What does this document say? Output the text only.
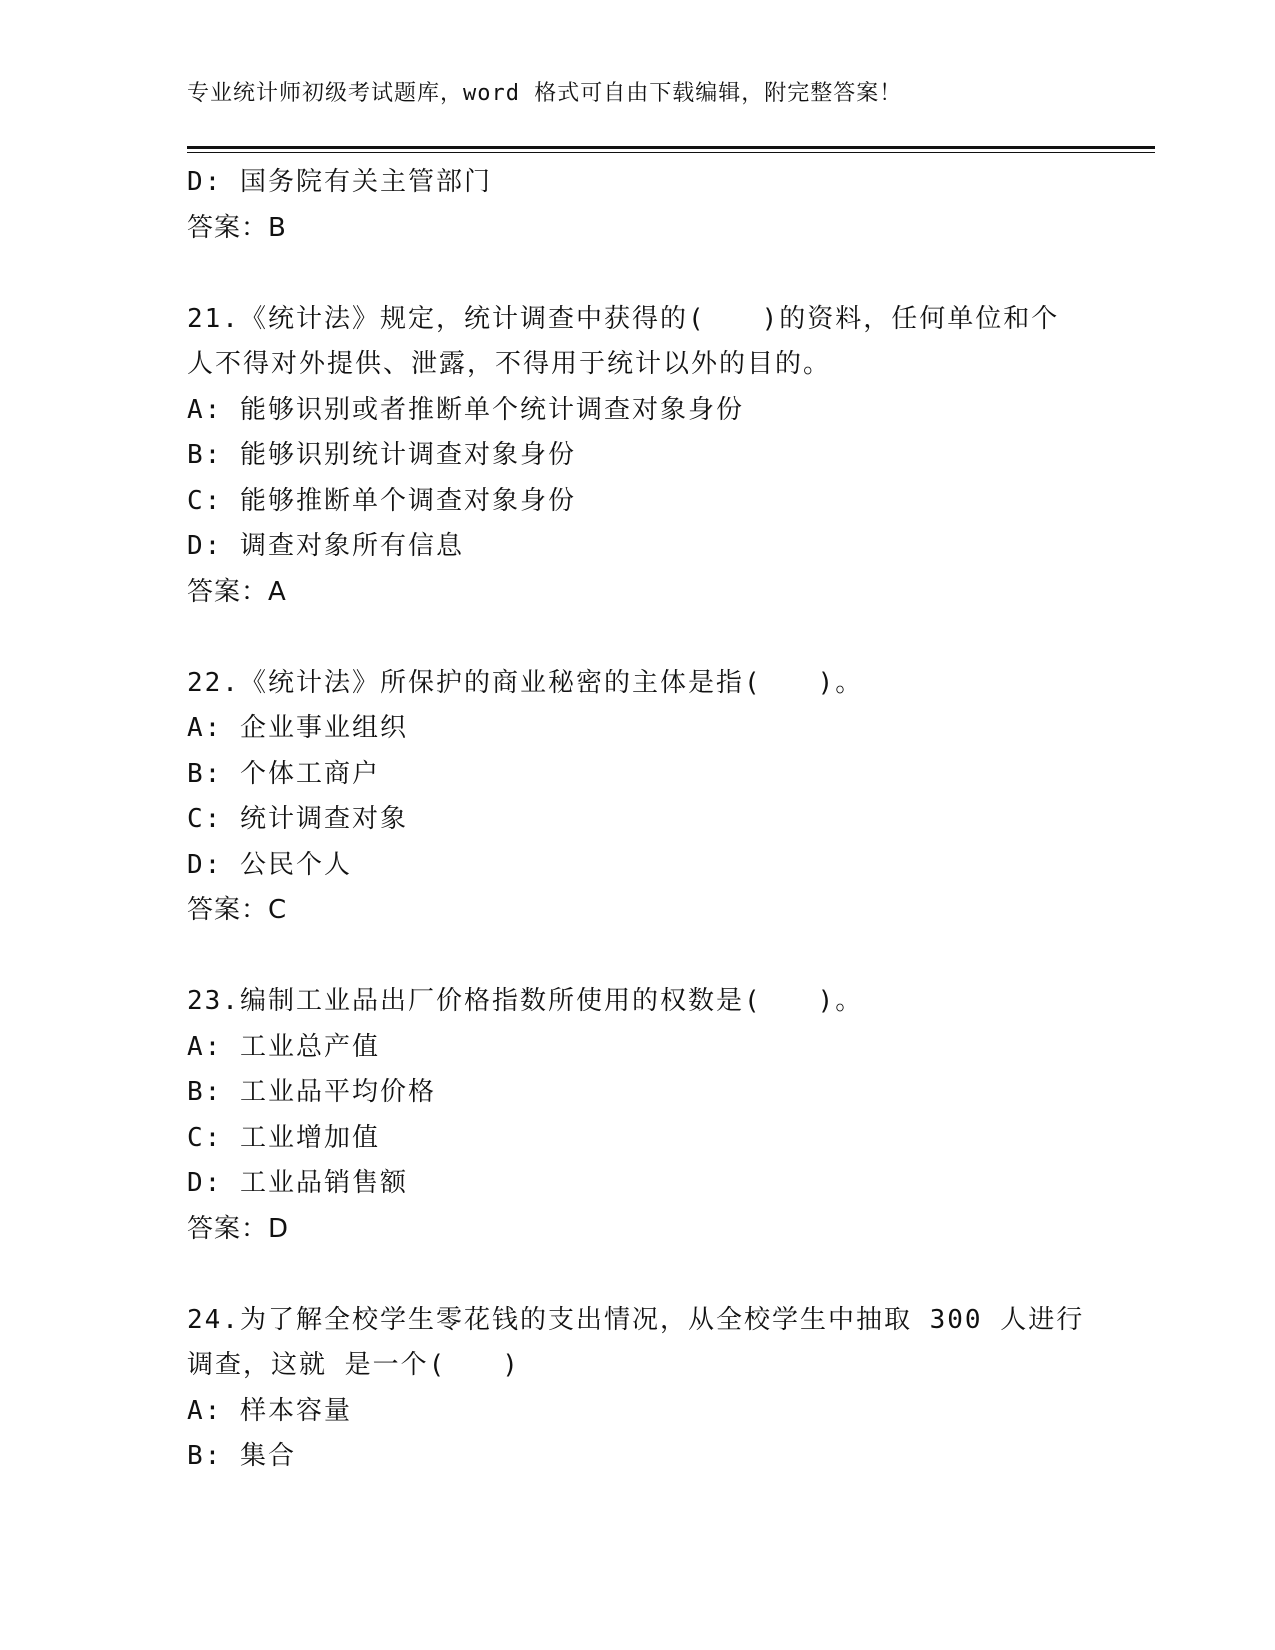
专业统计师初级考试题库，word 格式可自由下载编辑，附完整答案！
D: 国务院有关主管部门
答案：B
21.《统计法》规定，统计调查中获得的(　　)的资料，任何单位和个
人不得对外提供、泄露，不得用于统计以外的目的。
A: 能够识别或者推断单个统计调查对象身份
B: 能够识别统计调查对象身份
C: 能够推断单个调查对象身份
D: 调查对象所有信息
答案：A
22.《统计法》所保护的商业秘密的主体是指(　　)。
A: 企业事业组织
B: 个体工商户
C: 统计调查对象
D: 公民个人
答案：C
23.编制工业品出厂价格指数所使用的权数是(　　)。
A: 工业总产值
B: 工业品平均价格
C: 工业增加值
D: 工业品销售额
答案：D
24.为了解全校学生零花钱的支出情况，从全校学生中抽取 300 人进行
调查，这就 是一个(　　)
A: 样本容量
B: 集合
